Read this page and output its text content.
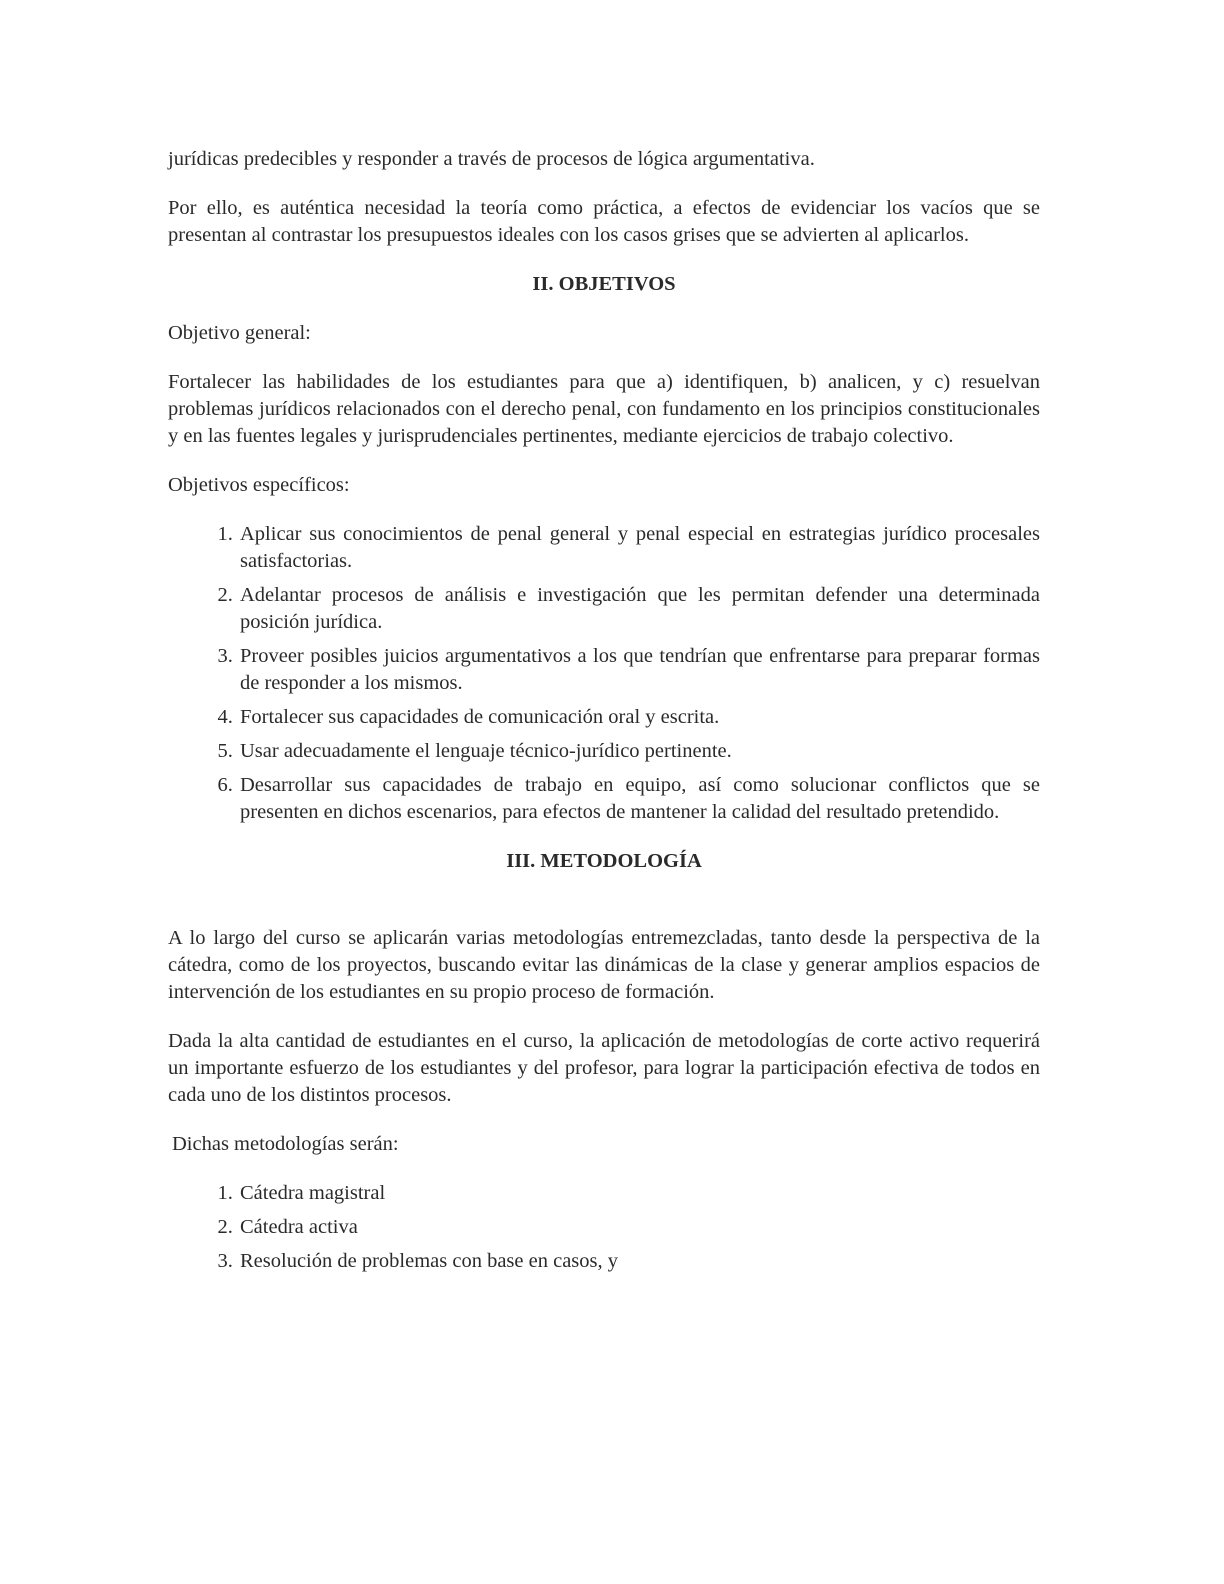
jurídicas predecibles y responder a través de procesos de lógica argumentativa.

Por ello, es auténtica necesidad la teoría como práctica, a efectos de evidenciar los vacíos que se presentan al contrastar los presupuestos ideales con los casos grises que se advierten al aplicarlos.

II. OBJETIVOS

Objetivo general:

Fortalecer las habilidades de los estudiantes para que a) identifiquen, b) analicen, y c) resuelvan problemas jurídicos relacionados con el derecho penal, con fundamento en los principios constitucionales y en las fuentes legales y jurisprudenciales pertinentes, mediante ejercicios de trabajo colectivo.

Objetivos específicos:

1. Aplicar sus conocimientos de penal general y penal especial en estrategias jurídico procesales satisfactorias.
2. Adelantar procesos de análisis e investigación que les permitan defender una determinada posición jurídica.
3. Proveer posibles juicios argumentativos a los que tendrían que enfrentarse para preparar formas de responder a los mismos.
4. Fortalecer sus capacidades de comunicación oral y escrita.
5. Usar adecuadamente el lenguaje técnico-jurídico pertinente.
6. Desarrollar sus capacidades de trabajo en equipo, así como solucionar conflictos que se presenten en dichos escenarios, para efectos de mantener la calidad del resultado pretendido.
III. METODOLOGÍA

A lo largo del curso se aplicarán varias metodologías entremezcladas, tanto desde la perspectiva de la cátedra, como de los proyectos, buscando evitar las dinámicas de la clase y generar amplios espacios de intervención de los estudiantes en su propio proceso de formación.

Dada la alta cantidad de estudiantes en el curso, la aplicación de metodologías de corte activo requerirá un importante esfuerzo de los estudiantes y del profesor, para lograr la participación efectiva de todos en cada uno de los distintos procesos.

Dichas metodologías serán:

1. Cátedra magistral
2. Cátedra activa
3. Resolución de problemas con base en casos, y
